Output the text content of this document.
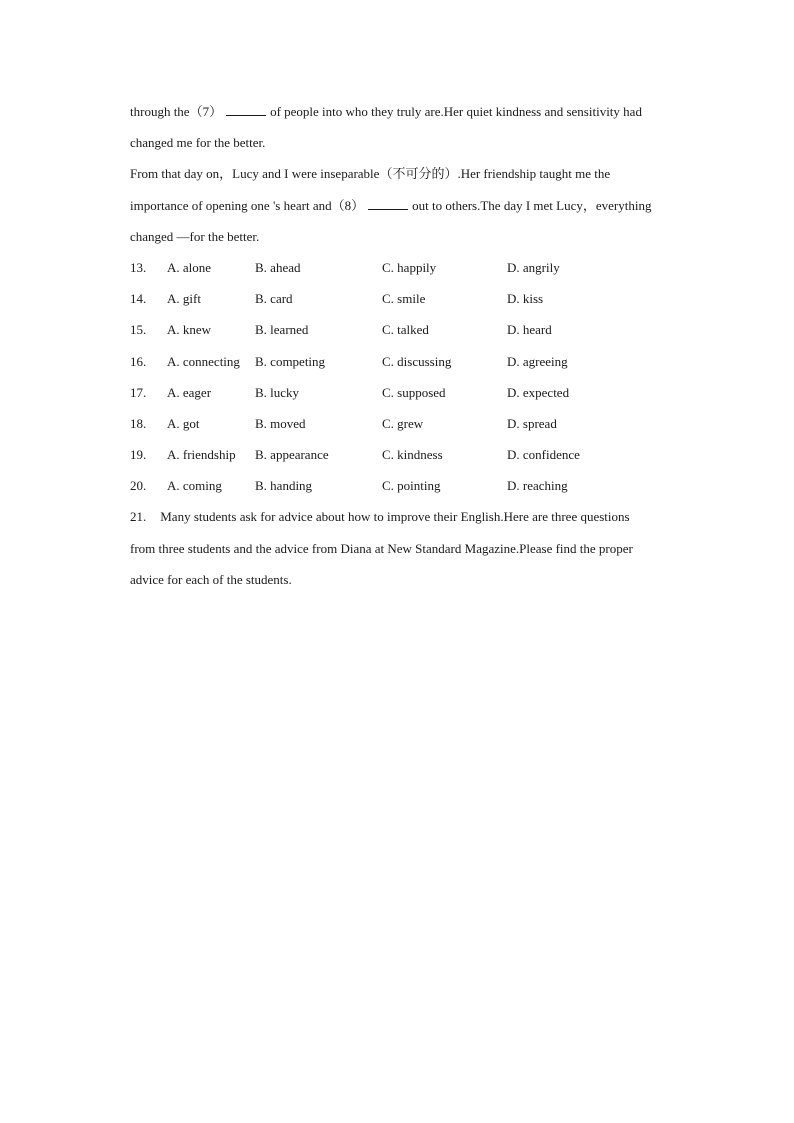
through the（7）	of people into who they truly are.Her quiet kindness and sensitivity had
changed me for the better.
From that day on，Lucy and I were inseparable（不可分的）.Her friendship taught me the
importance of opening one 's heart and（8）	out to others.The day I met Lucy，everything
changed —for the better.
13. A. alone	B. ahead	C. happily	D. angrily
14. A. gift	B. card	C. smile	D. kiss
15. A. knew	B. learned	C. talked	D. heard
16. A. connecting B. competing	C. discussing	D. agreeing
17. A. eager	B. lucky	C. supposed	D. expected
18. A. got	B. moved	C. grew	D. spread
19. A. friendship B. appearance	C. kindness	D. confidence
20. A. coming	B. handing	C. pointing	D. reaching
21. Many students ask for advice about how to improve their English.Here are three questions
from three students and the advice from Diana at New Standard Magazine.Please find the proper
advice for each of the students.
